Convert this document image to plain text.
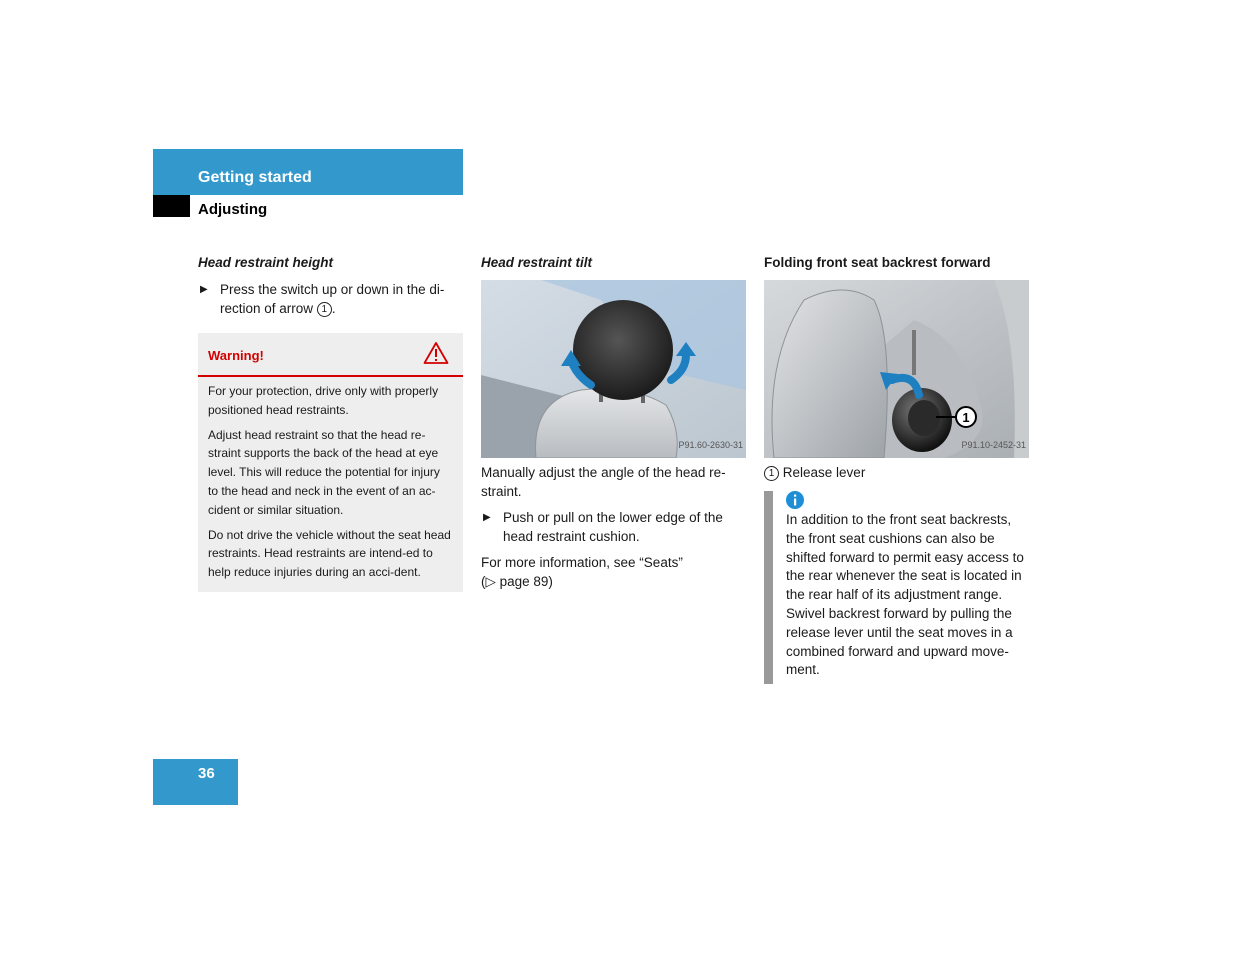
Getting started
Adjusting
Head restraint height
▶ Press the switch up or down in the di-rection of arrow 1 .
Warning!

For your protection, drive only with properly positioned head restraints.

Adjust head restraint so that the head re-straint supports the back of the head at eye level. This will reduce the potential for injury to the head and neck in the event of an ac-cident or similar situation.

Do not drive the vehicle without the seat head restraints. Head restraints are intend-ed to help reduce injuries during an acci-dent.

Head restraint tilt
P91.60-2630-31

Manually adjust the angle of the head re-straint.

▶ Push or pull on the lower edge of the head restraint cushion.

For more information, see “Seats”
(▷ page 89)

Folding front seat backrest forward
1
P91.10-2452-31

1 Release lever

In addition to the front seat backrests, the front seat cushions can also be shifted forward to permit easy access to the rear whenever the seat is located in the rear half of its adjustment range. Swivel backrest forward by pulling the release lever until the seat moves in a combined forward and upward move-ment.
36
